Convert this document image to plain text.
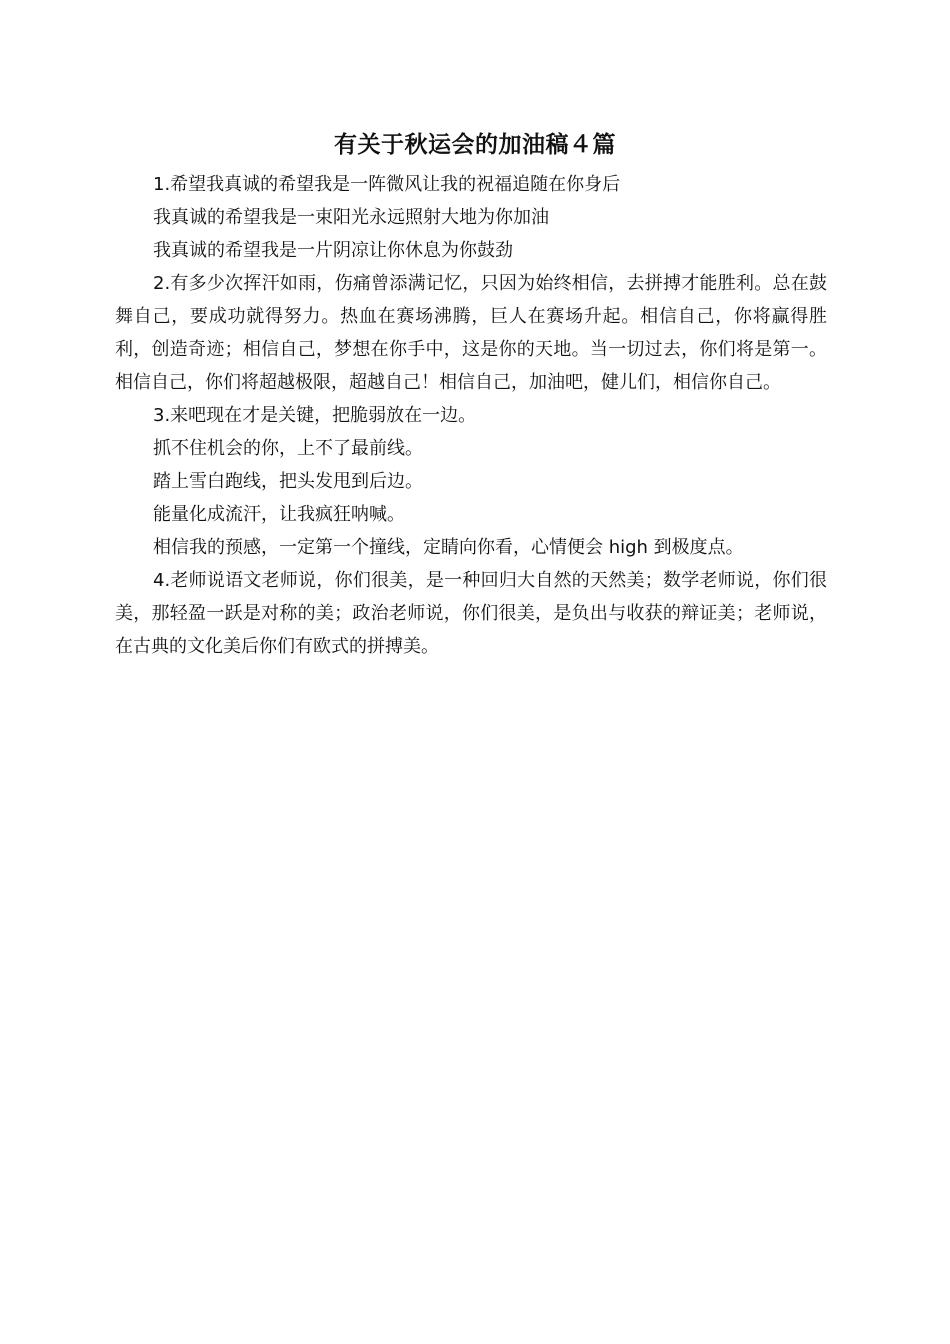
有关于秋运会的加油稿４篇

1.希望我真诚的希望我是一阵微风让我的祝福追随在你身后

我真诚的希望我是一束阳光永远照射大地为你加油

我真诚的希望我是一片阴凉让你休息为你鼓劲

2.有多少次挥汗如雨，伤痛曾添满记忆，只因为始终相信，去拼搏才能胜利。总在鼓舞自己，要成功就得努力。热血在赛场沸腾，巨人在赛场升起。相信自己，你将赢得胜利，创造奇迹；相信自己，梦想在你手中，这是你的天地。当一切过去，你们将是第一。相信自己，你们将超越极限，超越自己！相信自己，加油吧，健儿们，相信你自己。

3.来吧现在才是关键，把脆弱放在一边。

抓不住机会的你，上不了最前线。

踏上雪白跑线，把头发甩到后边。

能量化成流汗，让我疯狂呐喊。

相信我的预感，一定第一个撞线，定睛向你看，心情便会 high 到极度点。

4.老师说语文老师说，你们很美，是一种回归大自然的天然美；数学老师说，你们很美，那轻盈一跃是对称的美；政治老师说，你们很美，是负出与收获的辩证美；老师说，在古典的文化美后你们有欧式的拼搏美。
